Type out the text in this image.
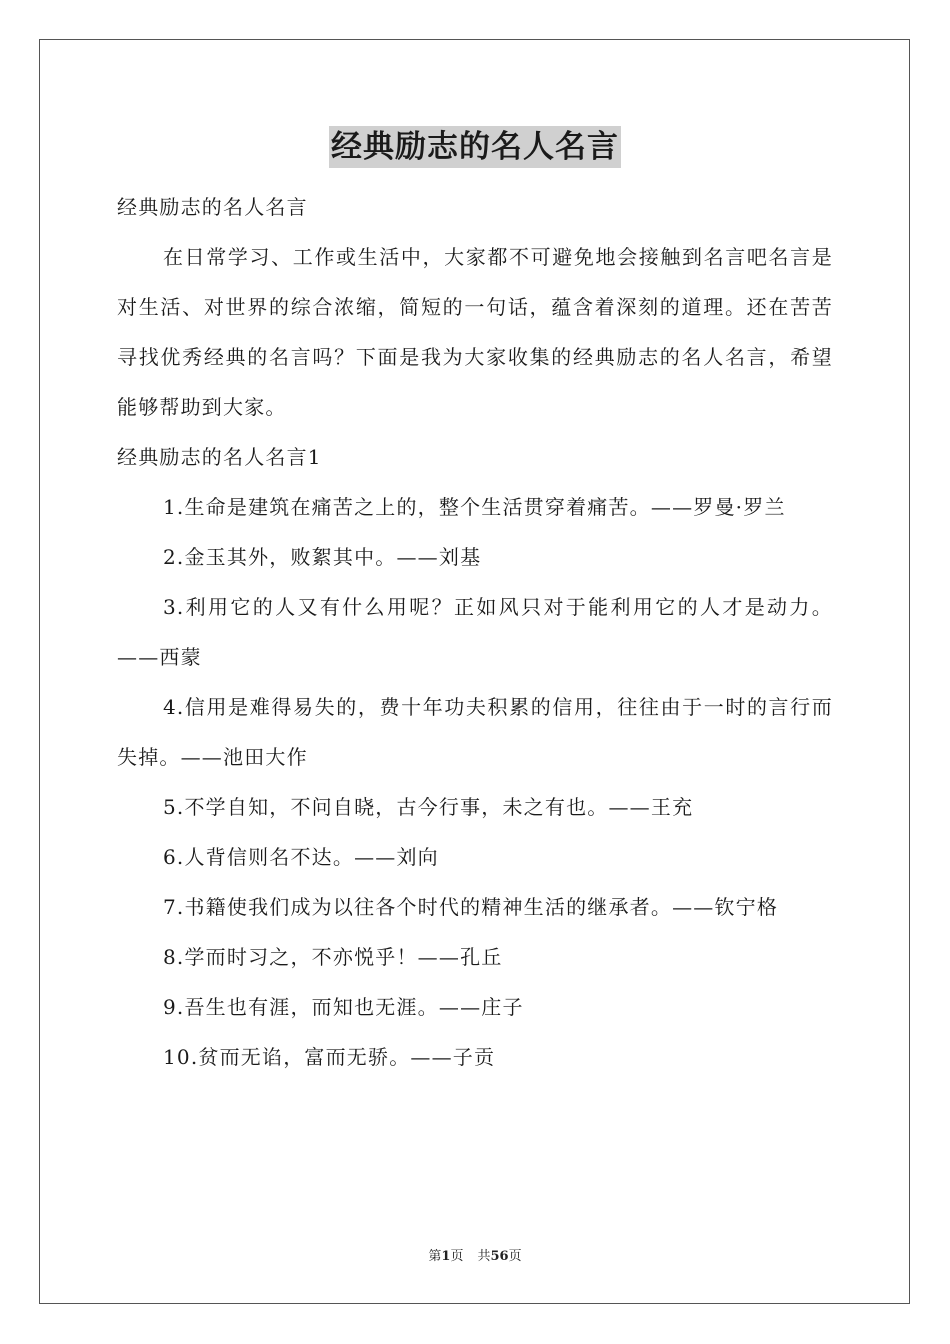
经典励志的名人名言

经典励志的名人名言

在日常学习、工作或生活中，大家都不可避免地会接触到名言吧名言是对生活、对世界的综合浓缩，简短的一句话，蕴含着深刻的道理。还在苦苦寻找优秀经典的名言吗？下面是我为大家收集的经典励志的名人名言，希望能够帮助到大家。

经典励志的名人名言1

1.生命是建筑在痛苦之上的，整个生活贯穿着痛苦。——罗曼·罗兰

2.金玉其外，败絮其中。——刘基

3.利用它的人又有什么用呢？正如风只对于能利用它的人才是动力。——西蒙

4.信用是难得易失的，费十年功夫积累的信用，往往由于一时的言行而失掉。——池田大作

5.不学自知，不问自晓，古今行事，未之有也。——王充

6.人背信则名不达。——刘向

7.书籍使我们成为以往各个时代的精神生活的继承者。——钦宁格

8.学而时习之，不亦悦乎！——孔丘

9.吾生也有涯，而知也无涯。——庄子

10.贫而无谄，富而无骄。——子贡

第1页 共56页
